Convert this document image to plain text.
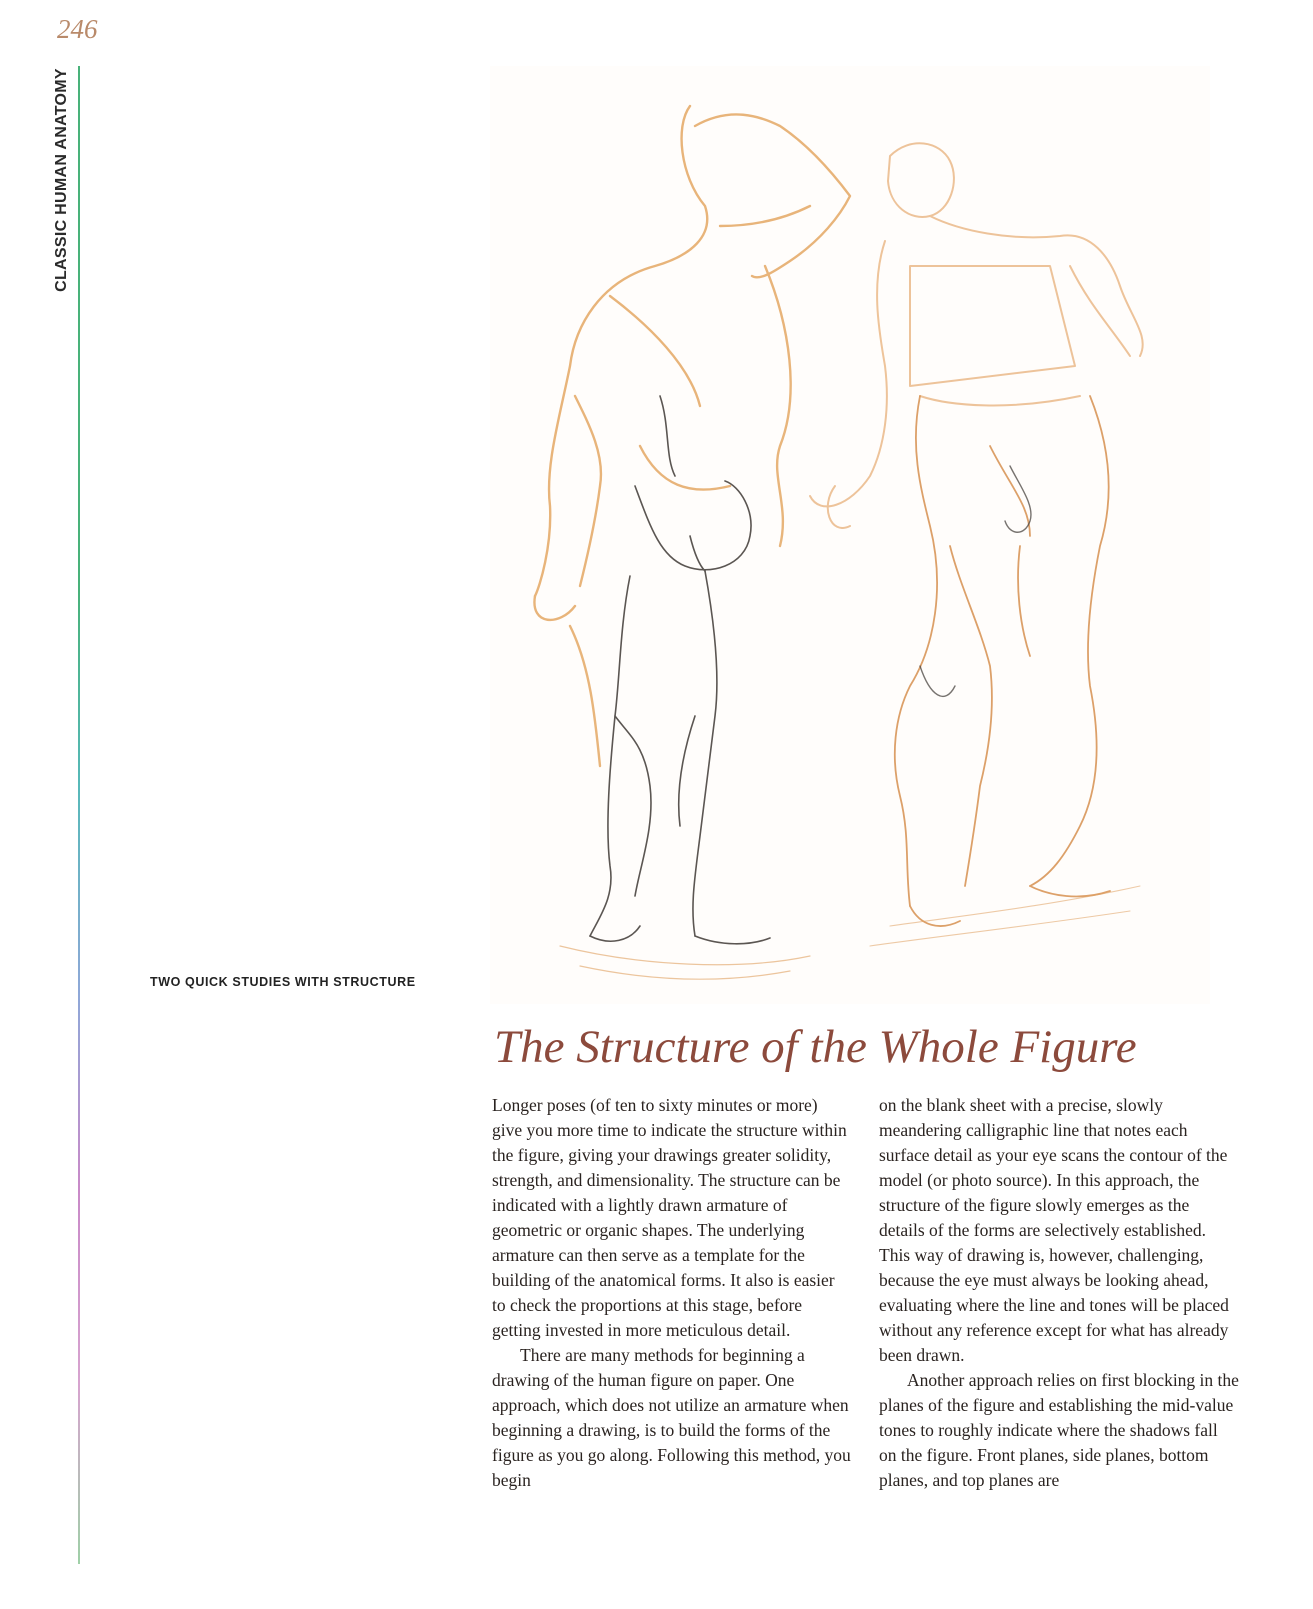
246
CLASSIC HUMAN ANATOMY
TWO QUICK STUDIES WITH STRUCTURE
The Structure of the Whole Figure

Longer poses (of ten to sixty minutes or more) give you more time to indicate the structure within the figure, giving your drawings greater solidity, strength, and dimensionality. The structure can be indicated with a lightly drawn armature of geometric or organic shapes. The underlying armature can then serve as a template for the building of the anatomical forms. It also is easier to check the proportions at this stage, before getting invested in more meticulous detail.

There are many methods for beginning a drawing of the human figure on paper. One approach, which does not utilize an armature when beginning a drawing, is to build the forms of the figure as you go along. Following this method, you begin

on the blank sheet with a precise, slowly meandering calligraphic line that notes each surface detail as your eye scans the contour of the model (or photo source). In this approach, the structure of the figure slowly emerges as the details of the forms are selectively established. This way of drawing is, however, challenging, because the eye must always be looking ahead, evaluating where the line and tones will be placed without any reference except for what has already been drawn.

Another approach relies on first blocking in the planes of the figure and establishing the mid-value tones to roughly indicate where the shadows fall on the figure. Front planes, side planes, bottom planes, and top planes are
